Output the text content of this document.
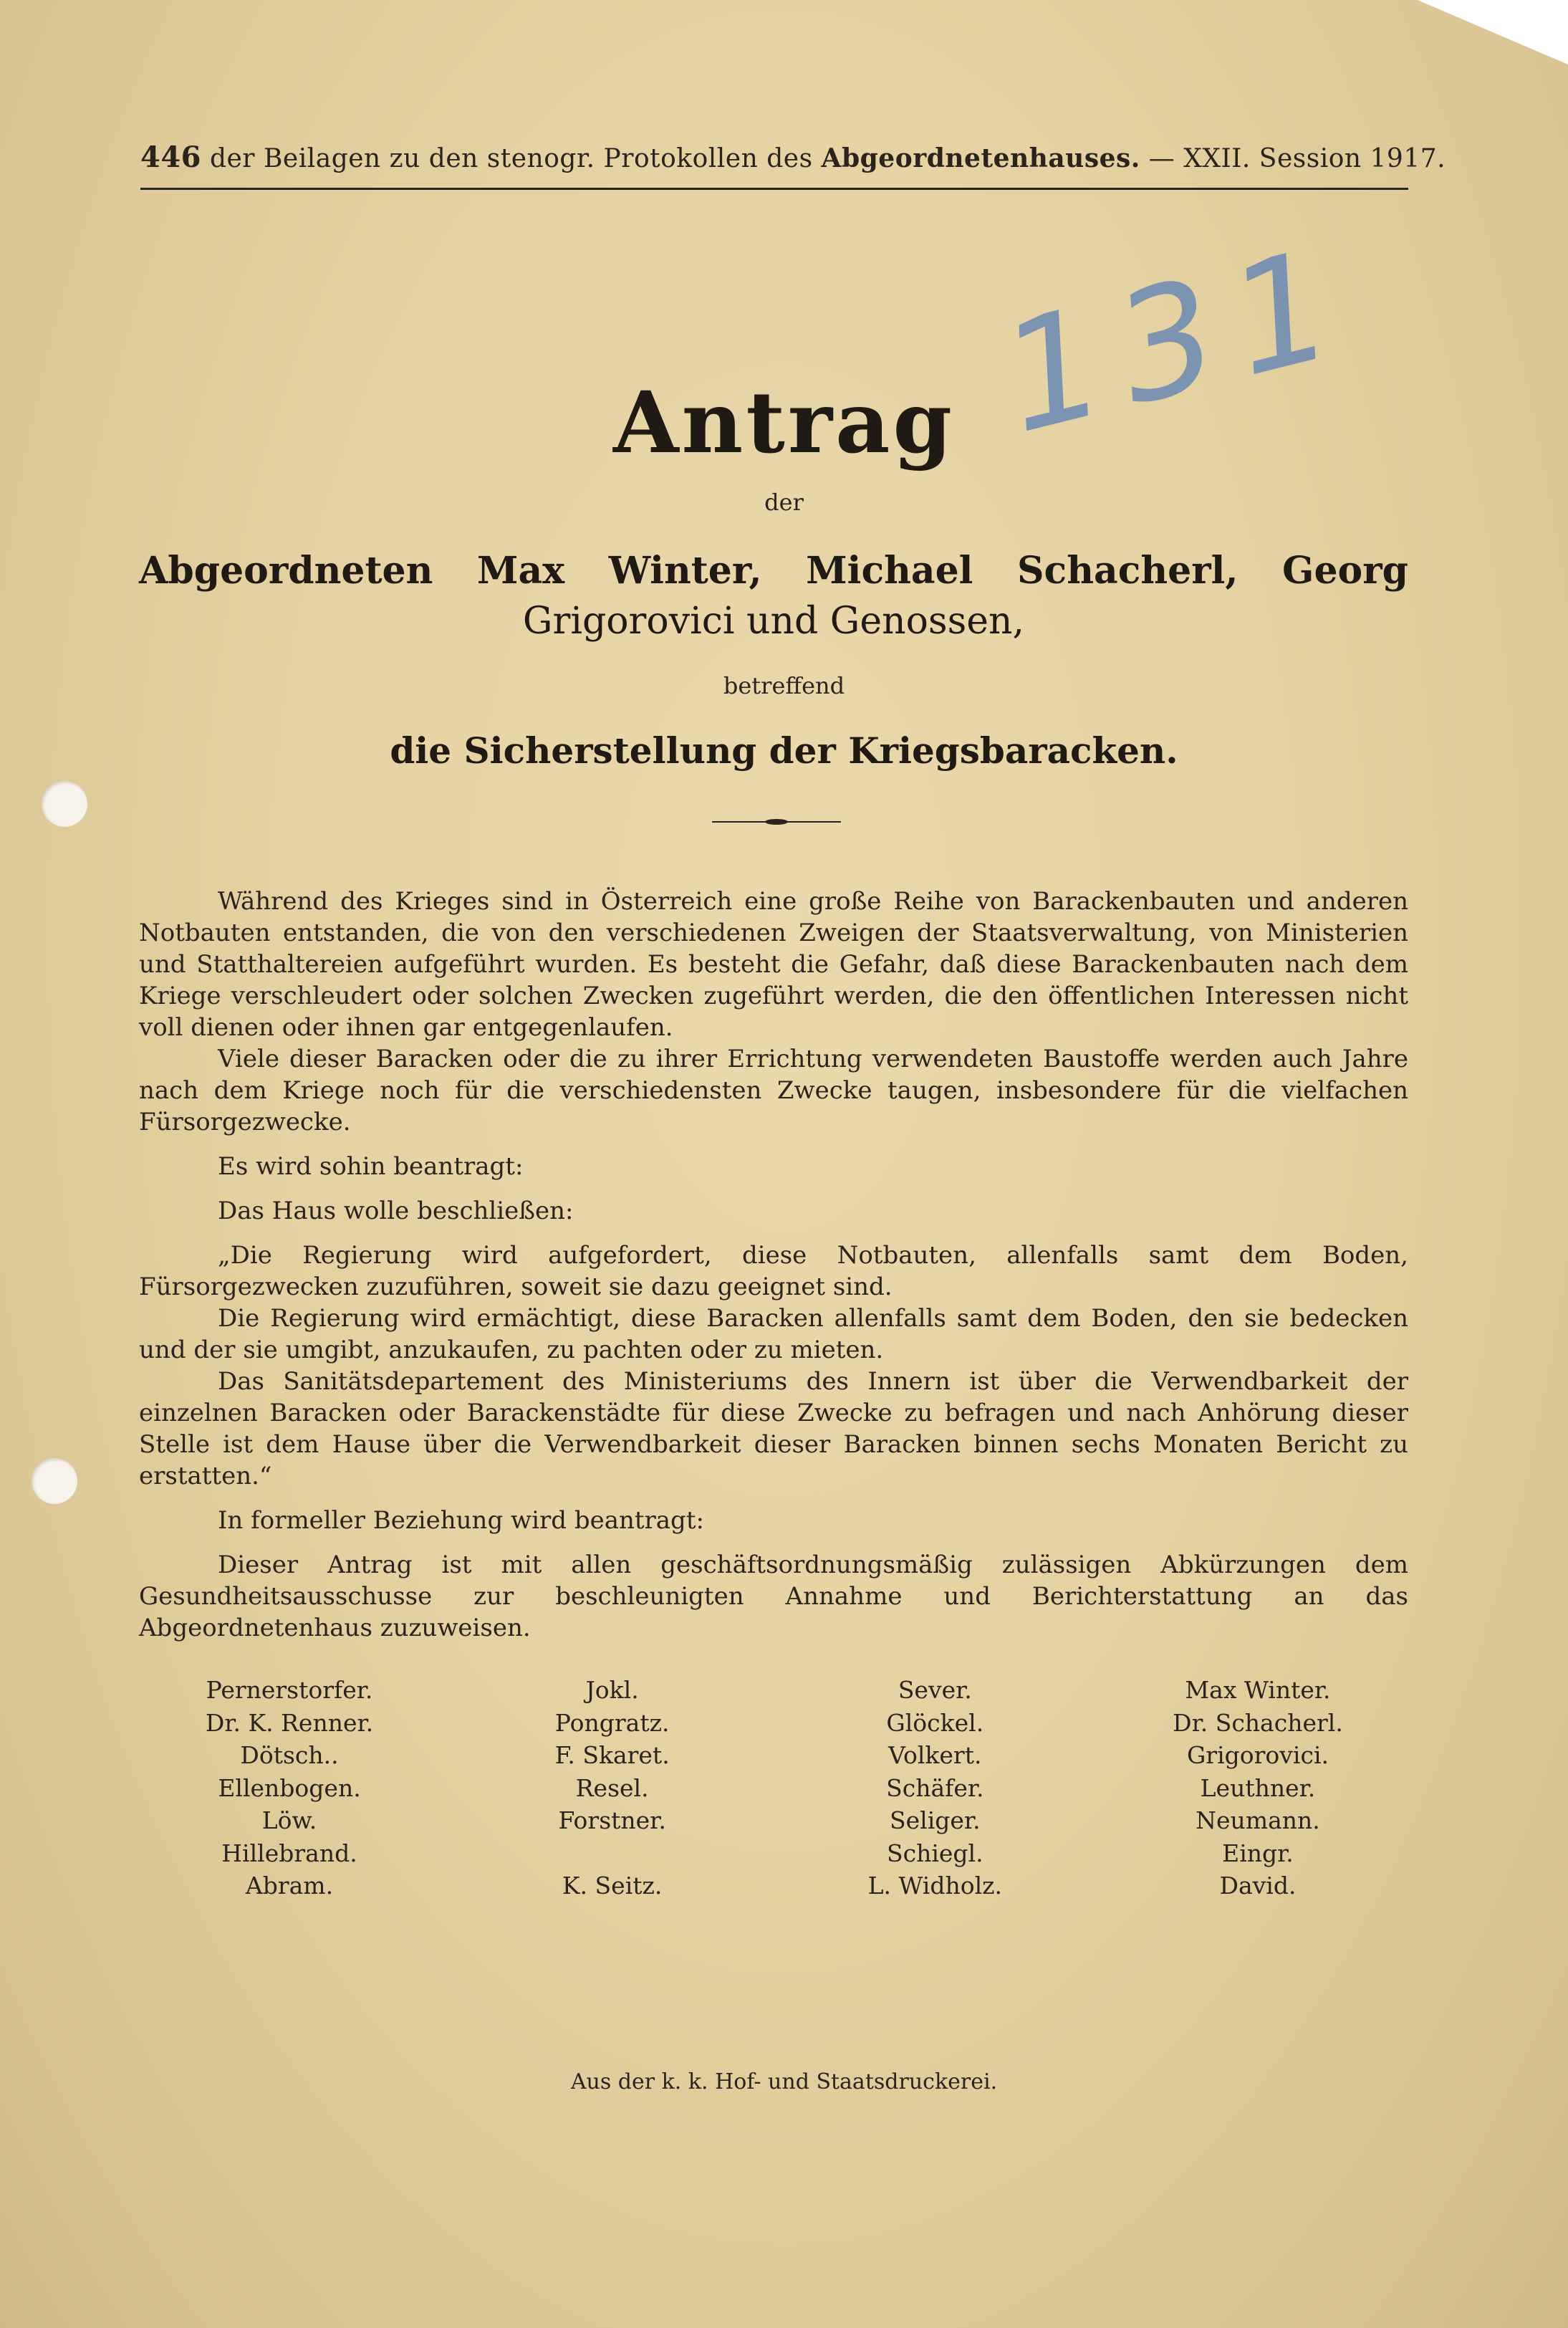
446 der Beilagen zu den stenogr. Protokollen des Abgeordnetenhauses. — XXII. Session 1917.
131
Antrag
der
Abgeordneten Max Winter, Michael Schacherl, Georg
Grigorovici und Genossen,
betreffend
die Sicherstellung der Kriegsbaracken.

Während des Krieges sind in Österreich eine große Reihe von Barackenbauten und anderen Notbauten entstanden, die von den verschiedenen Zweigen der Staatsverwaltung, von Ministerien und Statthaltereien aufgeführt wurden. Es besteht die Gefahr, daß diese Barackenbauten nach dem Kriege verschleudert oder solchen Zwecken zugeführt werden, die den öffentlichen Interessen nicht voll dienen oder ihnen gar entgegenlaufen.

Viele dieser Baracken oder die zu ihrer Errichtung verwendeten Baustoffe werden auch Jahre nach dem Kriege noch für die verschiedensten Zwecke taugen, insbesondere für die vielfachen Fürsorgezwecke.

Es wird sohin beantragt:

Das Haus wolle beschließen:

„Die Regierung wird aufgefordert, diese Notbauten, allenfalls samt dem Boden, Fürsorgezwecken zuzuführen, soweit sie dazu geeignet sind.

Die Regierung wird ermächtigt, diese Baracken allenfalls samt dem Boden, den sie bedecken und der sie umgibt, anzukaufen, zu pachten oder zu mieten.

Das Sanitätsdepartement des Ministeriums des Innern ist über die Verwendbarkeit der einzelnen Baracken oder Barackenstädte für diese Zwecke zu befragen und nach Anhörung dieser Stelle ist dem Hause über die Verwendbarkeit dieser Baracken binnen sechs Monaten Bericht zu erstatten.“

In formeller Beziehung wird beantragt:

Dieser Antrag ist mit allen geschäftsordnungsmäßig zulässigen Abkürzungen dem Gesundheitsausschusse zur beschleunigten Annahme und Berichterstattung an das Abgeordnetenhaus zuzuweisen.

Pernerstorfer.
Dr. K. Renner.
Dötsch..
Ellenbogen.
Löw.
Hillebrand.
Abram.
Jokl.
Pongratz.
F. Skaret.
Resel.
Forstner.
K. Seitz.
Sever.
Glöckel.
Volkert.
Schäfer.
Seliger.
Schiegl.
L. Widholz.
Max Winter.
Dr. Schacherl.
Grigorovici.
Leuthner.
Neumann.
Eingr.
David.
Aus der k. k. Hof- und Staatsdruckerei.
